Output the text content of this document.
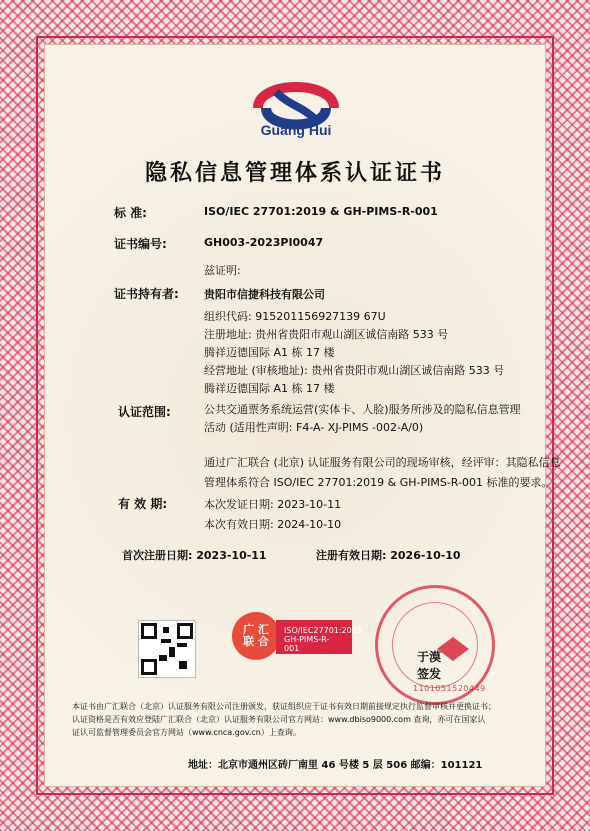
Guang Hui
隐私信息管理体系认证证书
标 准:	ISO/IEC 27701:2019 & GH-PIMS-R-001
证书编号:	GH003-2023PI0047
兹证明:
证书持有者: 贵阳市信捷科技有限公司
组织代码: 915201156927139 67U
注册地址: 贵州省贵阳市观山湖区诚信南路 533 号
腾祥迈德国际 A1 栋 17 楼
经营地址 (审核地址): 贵州省贵阳市观山湖区诚信南路 533 号
腾祥迈德国际 A1 栋 17 楼
认证范围:	公共交通票务系统运营(实体卡、人脸)服务所涉及的隐私信息管理
活动 (适用性声明: F4-A- XJ-PIMS -002-A/0)
通过广汇联合 (北京) 认证服务有限公司的现场审核，经评审：其隐私信息
管理体系符合 ISO/IEC 27701:2019 & GH-PIMS-R-001 标准的要求。
有 效 期:	本次发证日期: 2023-10-11
本次有效日期: 2024-10-10
首次注册日期: 2023-10-11	注册有效日期: 2026-10-10
广 汇
联 合
ISO/IEC27701:2019
GH-PIMS-R-001
于漠
签发
1101051520449
本证书由广汇联合（北京）认证服务有限公司注册颁发，获证组织应于证书有效日期前接规定执行监督审核并更换证书；
认证资格是否有效应登陆广汇联合（北京）认证服务有限公司官方网站：www.dbiso9000.com 查询，亦可在国家认
证认可监督管理委员会官方网站（www.cnca.gov.cn）上查询。
地址：北京市通州区砖厂南里 46 号楼 5 层 506 邮编：101121
